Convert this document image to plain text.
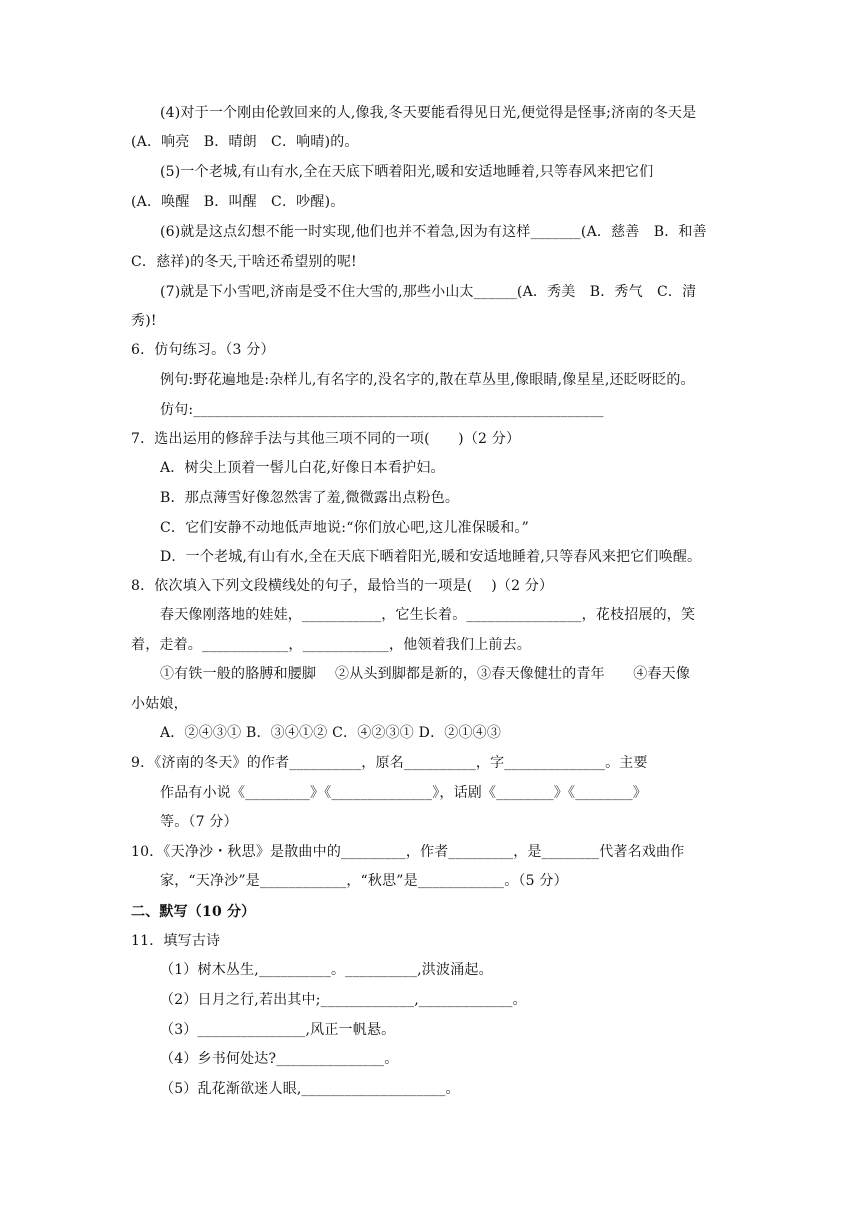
(4)对于一个刚由伦敦回来的人,像我,冬天要能看得见日光,便觉得是怪事;济南的冬天是
(A．响亮　B．晴朗　C．响晴)的。
(5)一个老城,有山有水,全在天底下晒着阳光,暖和安适地睡着,只等春风来把它们
(A．唤醒　B．叫醒　C．吵醒)。
(6)就是这点幻想不能一时实现,他们也并不着急,因为有这样_______(A．慈善　B．和善
C．慈祥)的冬天,干啥还希望别的呢!
(7)就是下小雪吧,济南是受不住大雪的,那些小山太______(A．秀美　B．秀气　C．清
秀)!
6．仿句练习。（3 分）
例句:野花遍地是:杂样儿,有名字的,没名字的,散在草丛里,像眼睛,像星星,还眨呀眨的。
仿句:_________________________________________________________
7．选出运用的修辞手法与其他三项不同的一项(　　)（2 分）
A．树尖上顶着一髻儿白花,好像日本看护妇。
B．那点薄雪好像忽然害了羞,微微露出点粉色。
C．它们安静不动地低声地说:“你们放心吧,这儿准保暖和。”
D．一个老城,有山有水,全在天底下晒着阳光,暖和安适地睡着,只等春风来把它们唤醒。
8．依次填入下列文段横线处的句子，最恰当的一项是(　 )（2 分）
春天像刚落地的娃娃，___________，它生长着。________________，花枝招展的，笑
着，走着。____________，____________，他领着我们上前去。
①有铁一般的胳膊和腰脚　 ②从头到脚都是新的，③春天像健壮的青年　　④春天像
小姑娘，
A．②④③① B．③④①② C．④②③① D．②①④③
9．《济南的冬天》的作者__________，原名__________，字______________。主要
作品有小说《_________》《______________》，话剧《________》《________》
等。（7 分）
10．《天净沙・秋思》是散曲中的_________，作者_________，是________代著名戏曲作
家，“天净沙”是____________，“秋思”是____________。（5 分）
二、默写（10 分）
11．填写古诗
（1）树木丛生,__________。__________,洪波涌起。
（2）日月之行,若出其中;_____________,_____________。
（3）_______________,风正一帆悬。
（4）乡书何处达?_______________。
（5）乱花渐欲迷人眼,____________________。
